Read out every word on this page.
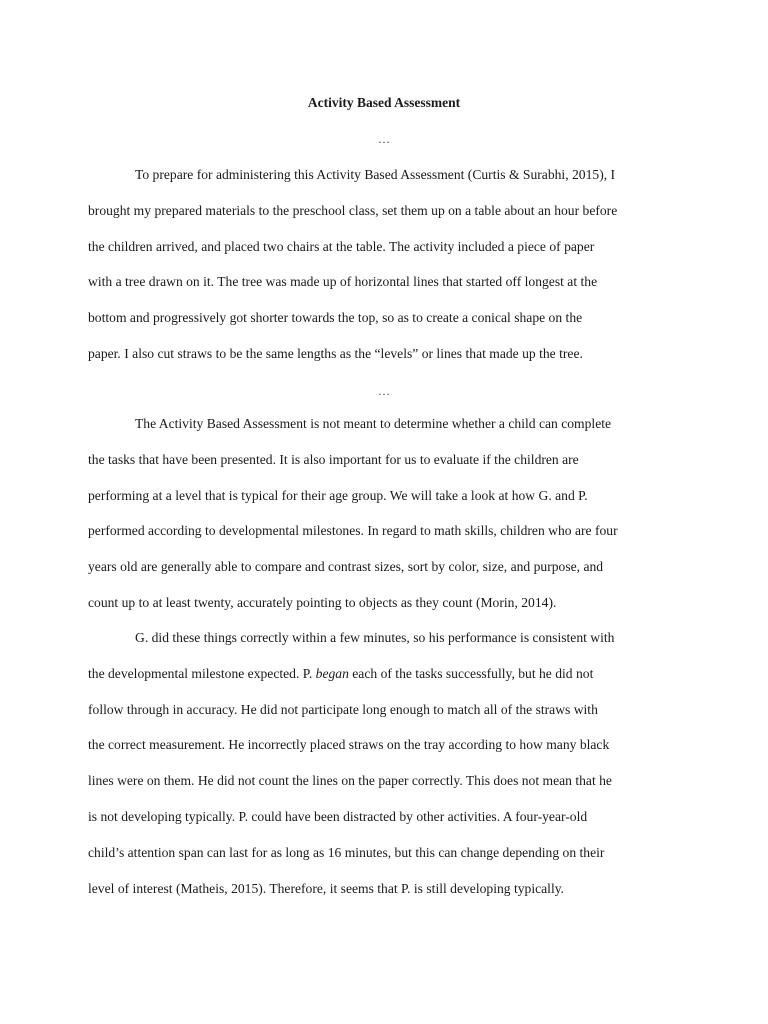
Activity Based Assessment
…

To prepare for administering this Activity Based Assessment (Curtis & Surabhi, 2015), I
brought my prepared materials to the preschool class, set them up on a table about an hour before
the children arrived, and placed two chairs at the table. The activity included a piece of paper
with a tree drawn on it. The tree was made up of horizontal lines that started off longest at the
bottom and progressively got shorter towards the top, so as to create a conical shape on the
paper. I also cut straws to be the same lengths as the “levels” or lines that made up the tree.

…

The Activity Based Assessment is not meant to determine whether a child can complete
the tasks that have been presented. It is also important for us to evaluate if the children are
performing at a level that is typical for their age group. We will take a look at how G. and P.
performed according to developmental milestones. In regard to math skills, children who are four
years old are generally able to compare and contrast sizes, sort by color, size, and purpose, and
count up to at least twenty, accurately pointing to objects as they count (Morin, 2014).

G. did these things correctly within a few minutes, so his performance is consistent with
the developmental milestone expected. P. began each of the tasks successfully, but he did not
follow through in accuracy. He did not participate long enough to match all of the straws with
the correct measurement. He incorrectly placed straws on the tray according to how many black
lines were on them. He did not count the lines on the paper correctly. This does not mean that he
is not developing typically. P. could have been distracted by other activities. A four-year-old
child’s attention span can last for as long as 16 minutes, but this can change depending on their
level of interest (Matheis, 2015). Therefore, it seems that P. is still developing typically.
